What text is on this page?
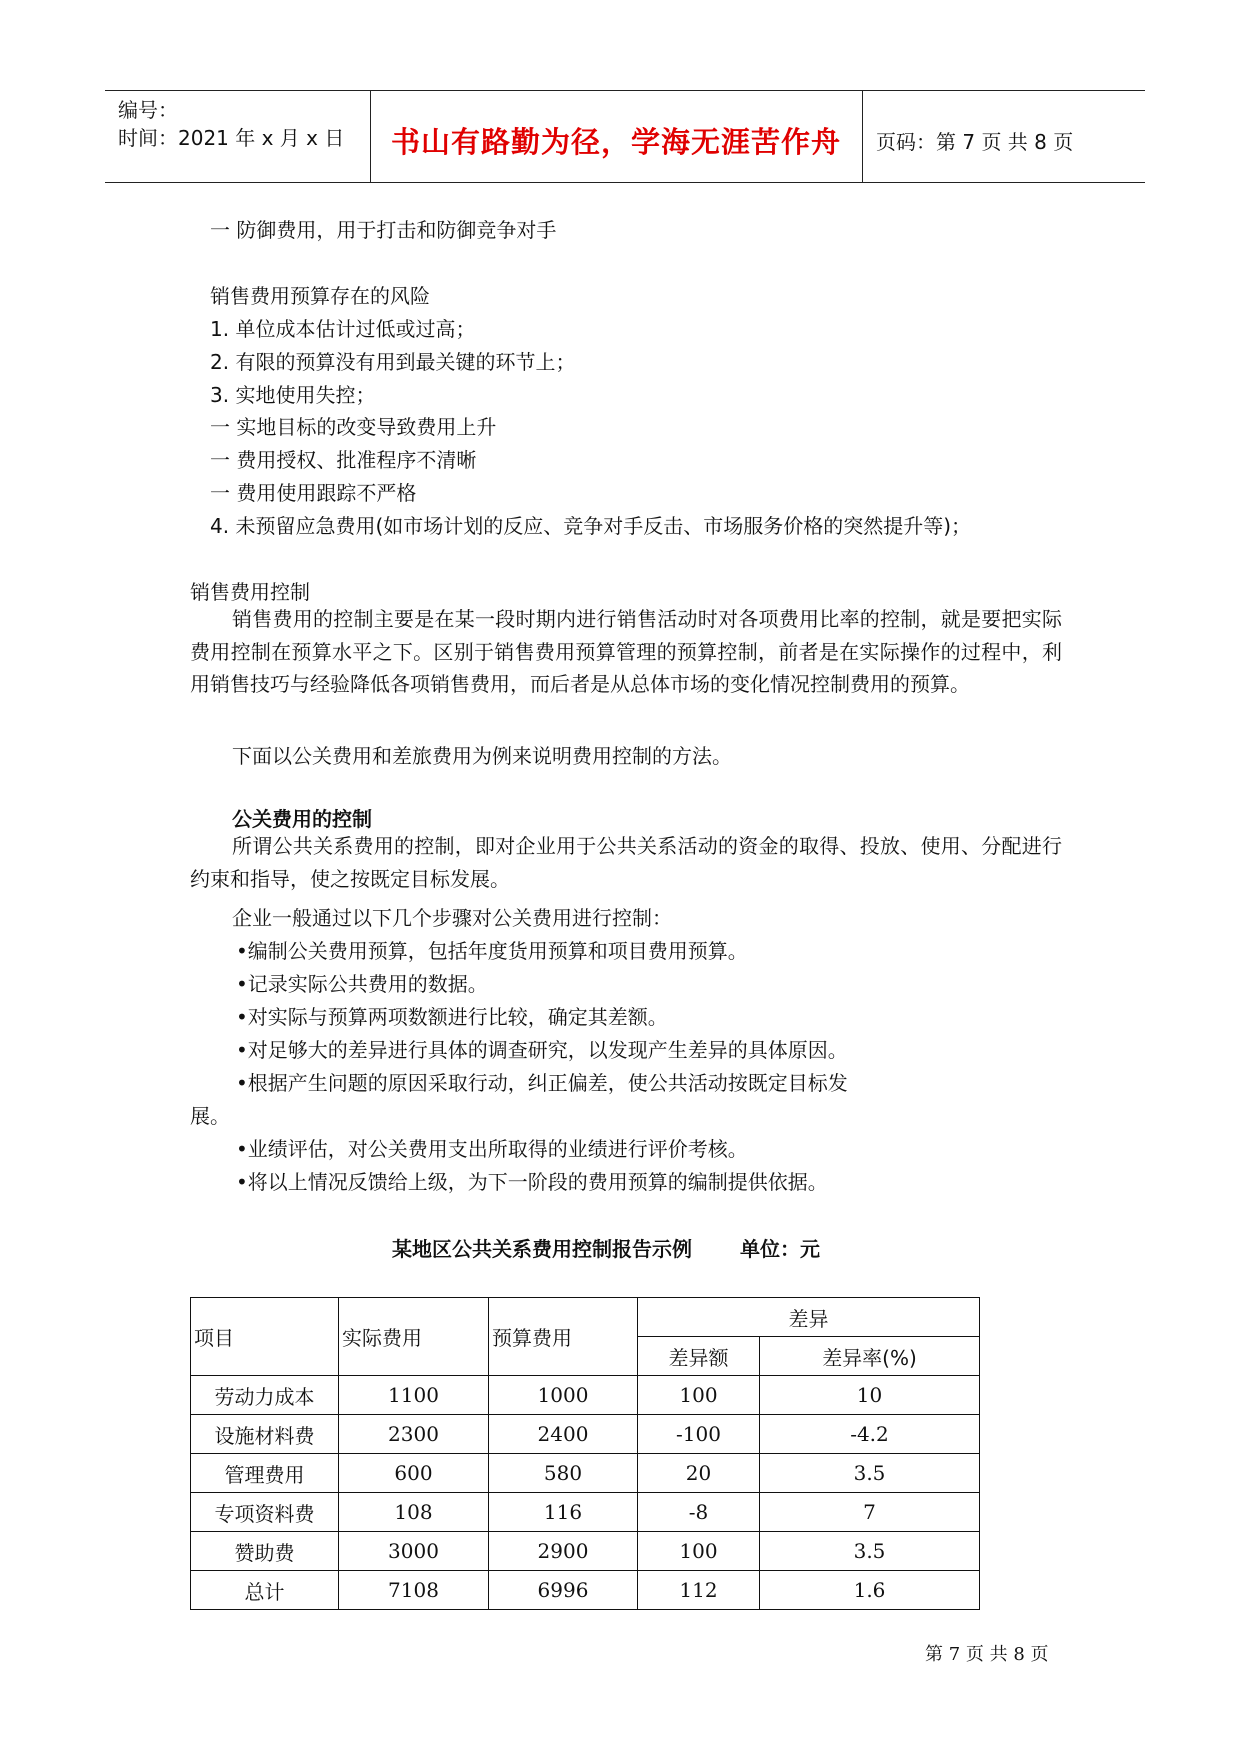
编号：
时间：2021 年 x 月 x 日	书山有路勤为径，学海无涯苦作舟	页码：第 7 页 共 8 页
一 防御费用，用于打击和防御竞争对手
销售费用预算存在的风险
1. 单位成本估计过低或过高；
2. 有限的预算没有用到最关键的环节上；
3. 实地使用失控；
一 实地目标的改变导致费用上升
一 费用授权、批准程序不清晰
一 费用使用跟踪不严格
4. 未预留应急费用(如市场计划的反应、竞争对手反击、市场服务价格的突然提升等)；
销售费用控制
销售费用的控制主要是在某一段时期内进行销售活动时对各项费用比率的控制，就是要把实际费用控制在预算水平之下。区别于销售费用预算管理的预算控制，前者是在实际操作的过程中，利用销售技巧与经验降低各项销售费用，而后者是从总体市场的变化情况控制费用的预算。
下面以公关费用和差旅费用为例来说明费用控制的方法。
公关费用的控制
所谓公共关系费用的控制，即对企业用于公共关系活动的资金的取得、投放、使用、分配进行约束和指导，使之按既定目标发展。
企业一般通过以下几个步骤对公关费用进行控制：
•编制公关费用预算，包括年度货用预算和项目费用预算。
•记录实际公共费用的数据。
•对实际与预算两项数额进行比较，确定其差额。
•对足够大的差异进行具体的调查研究，以发现产生差异的具体原因。
•根据产生问题的原因采取行动，纠正偏差，使公共活动按既定目标发
展。
•业绩评估，对公关费用支出所取得的业绩进行评价考核。
•将以上情况反馈给上级，为下一阶段的费用预算的编制提供依据。
某地区公共关系费用控制报告示例 单位：元
项目	实际费用	预算费用	差异	
			差异额	差异率(%)
劳动力成本	1100	1000	100	10
设施材料费	2300	2400	-100	-4.2
管理费用	600	580	20	3.5
专项资料费	108	116	-8	7
赞助费	3000	2900	100	3.5
总计	7108	6996	112	1.6
第 7 页 共 8 页
